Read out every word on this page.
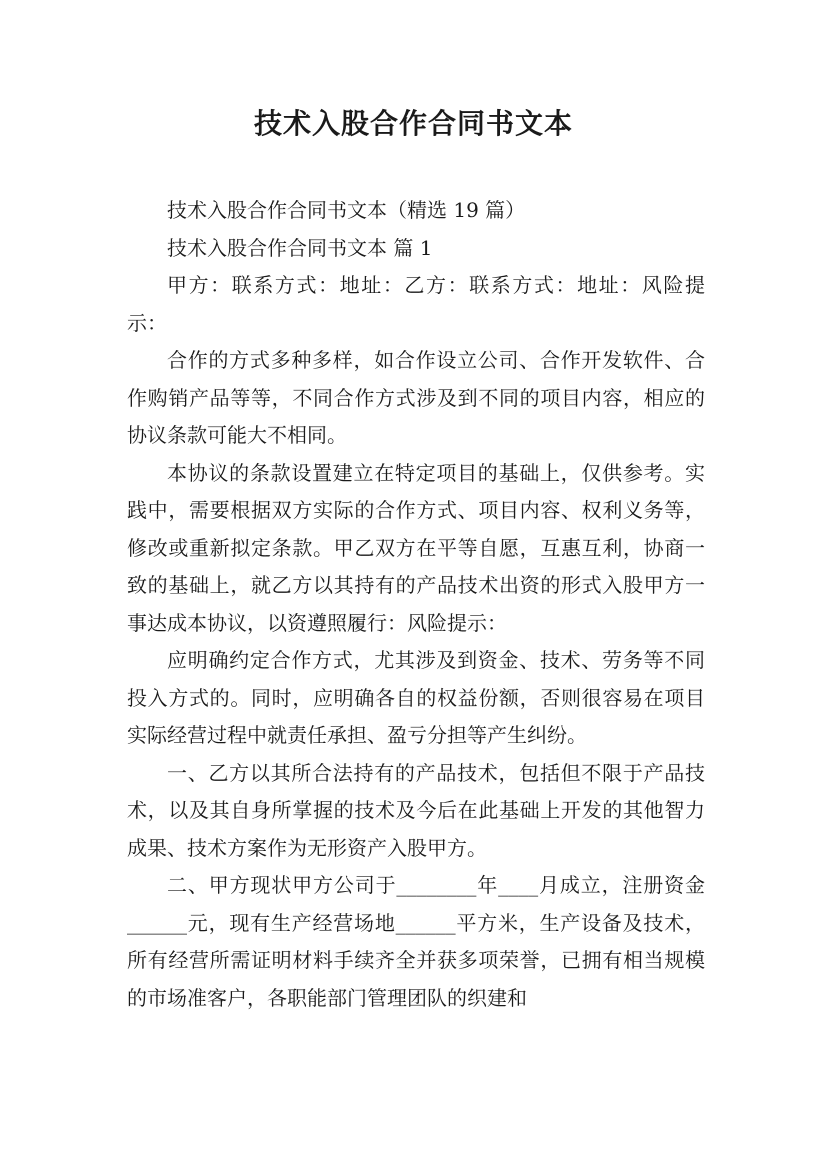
技术入股合作合同书文本

技术入股合作合同书文本（精选 19 篇）

技术入股合作合同书文本 篇 1

甲方：联系方式：地址：乙方：联系方式：地址：风险提示：

合作的方式多种多样，如合作设立公司、合作开发软件、合作购销产品等等，不同合作方式涉及到不同的项目内容，相应的协议条款可能大不相同。

本协议的条款设置建立在特定项目的基础上，仅供参考。实践中，需要根据双方实际的合作方式、项目内容、权利义务等，修改或重新拟定条款。甲乙双方在平等自愿，互惠互利，协商一致的基础上，就乙方以其持有的产品技术出资的形式入股甲方一事达成本协议，以资遵照履行：风险提示：

应明确约定合作方式，尤其涉及到资金、技术、劳务等不同投入方式的。同时，应明确各自的权益份额，否则很容易在项目实际经营过程中就责任承担、盈亏分担等产生纠纷。

一、乙方以其所合法持有的产品技术，包括但不限于产品技术，以及其自身所掌握的技术及今后在此基础上开发的其他智力成果、技术方案作为无形资产入股甲方。

二、甲方现状甲方公司于________年____月成立，注册资金______元，现有生产经营场地______平方米，生产设备及技术，所有经营所需证明材料手续齐全并获多项荣誉，已拥有相当规模的市场准客户，各职能部门管理团队的织建和
